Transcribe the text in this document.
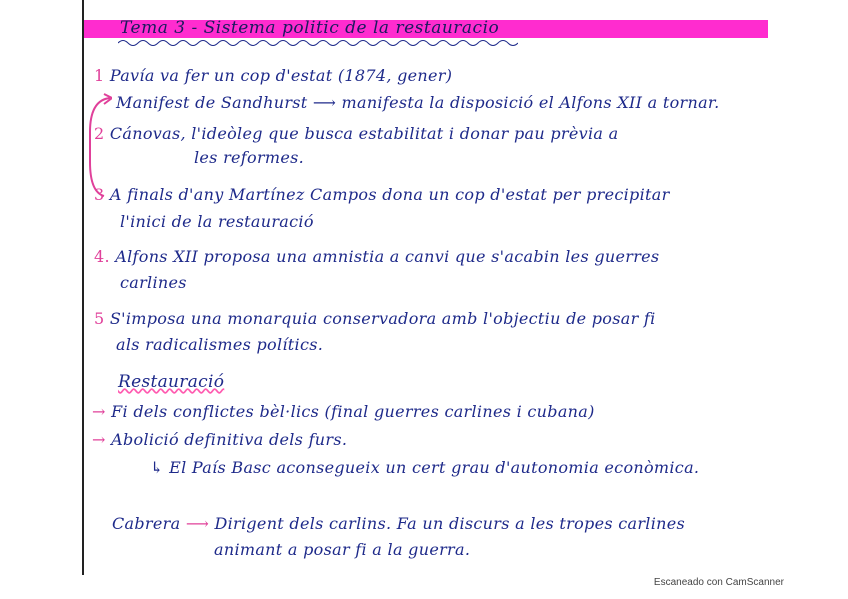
Tema 3 - Sistema politic de la restauracio
1 Pavía va fer un cop d'estat (1874, gener)
Manifest de Sandhurst ⟶ manifesta la disposició el Alfons XII a tornar.
2 Cánovas, l'ideòleg que busca estabilitat i donar pau prèvia a
les reformes.
3 A finals d'any Martínez Campos dona un cop d'estat per precipitar
l'inici de la restauració
4. Alfons XII proposa una amnistia a canvi que s'acabin les guerres
carlines
5 S'imposa una monarquia conservadora amb l'objectiu de posar fi
als radicalismes polítics.
Restauració
→ Fi dels conflictes bèl·lics (final guerres carlines i cubana)
→ Abolició definitiva dels furs.
↳ El País Basc aconsegueix un cert grau d'autonomia econòmica.
Cabrera ⟶ Dirigent dels carlins. Fa un discurs a les tropes carlines
animant a posar fi a la guerra.
Escaneado con CamScanner
